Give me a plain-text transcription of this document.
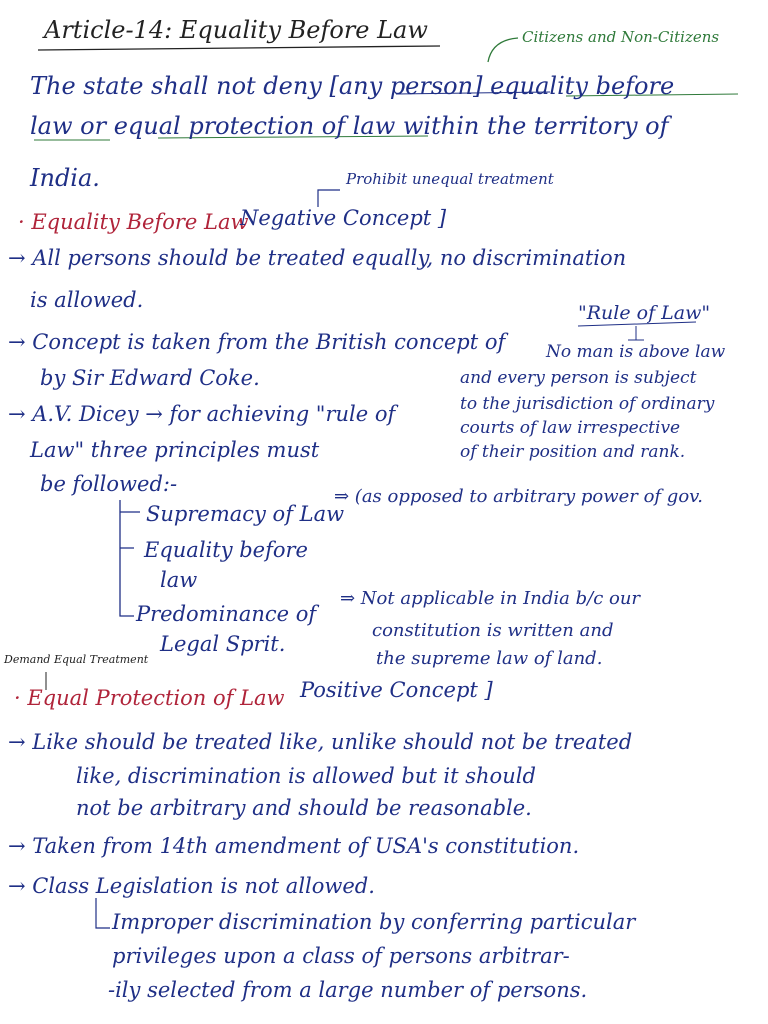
Article-14: Equality Before Law	Citizens and Non-Citizens
The state shall not deny [any person] equality before
law or equal protection of law within the territory of
India.	Prohibit unequal treatment
· Equality Before Law
Negative Concept ]
→ All persons should be treated equally, no discrimination
is allowed.
→ Concept is taken from the British concept of
"Rule of Law"
by Sir Edward Coke.
No man is above law
and every person is subject
to the jurisdiction of ordinary
courts of law irrespective
of their position and rank.
→ A.V. Dicey → for achieving "rule of
Law" three principles must
be followed:-
Supremacy of Law
⇒ (as opposed to arbitrary power of gov.
Equality before
law
Predominance of
Legal Sprit.
⇒ Not applicable in India b/c our
constitution is written and
the supreme law of land.
Demand Equal Treatment
· Equal Protection of Law Positive Concept ]
→ Like should be treated like, unlike should not be treated
like, discrimination is allowed but it should
not be arbitrary and should be reasonable.
→ Taken from 14th amendment of USA's constitution.
→ Class Legislation is not allowed.
Improper discrimination by conferring particular
privileges upon a class of persons arbitrar-
-ily selected from a large number of persons.
